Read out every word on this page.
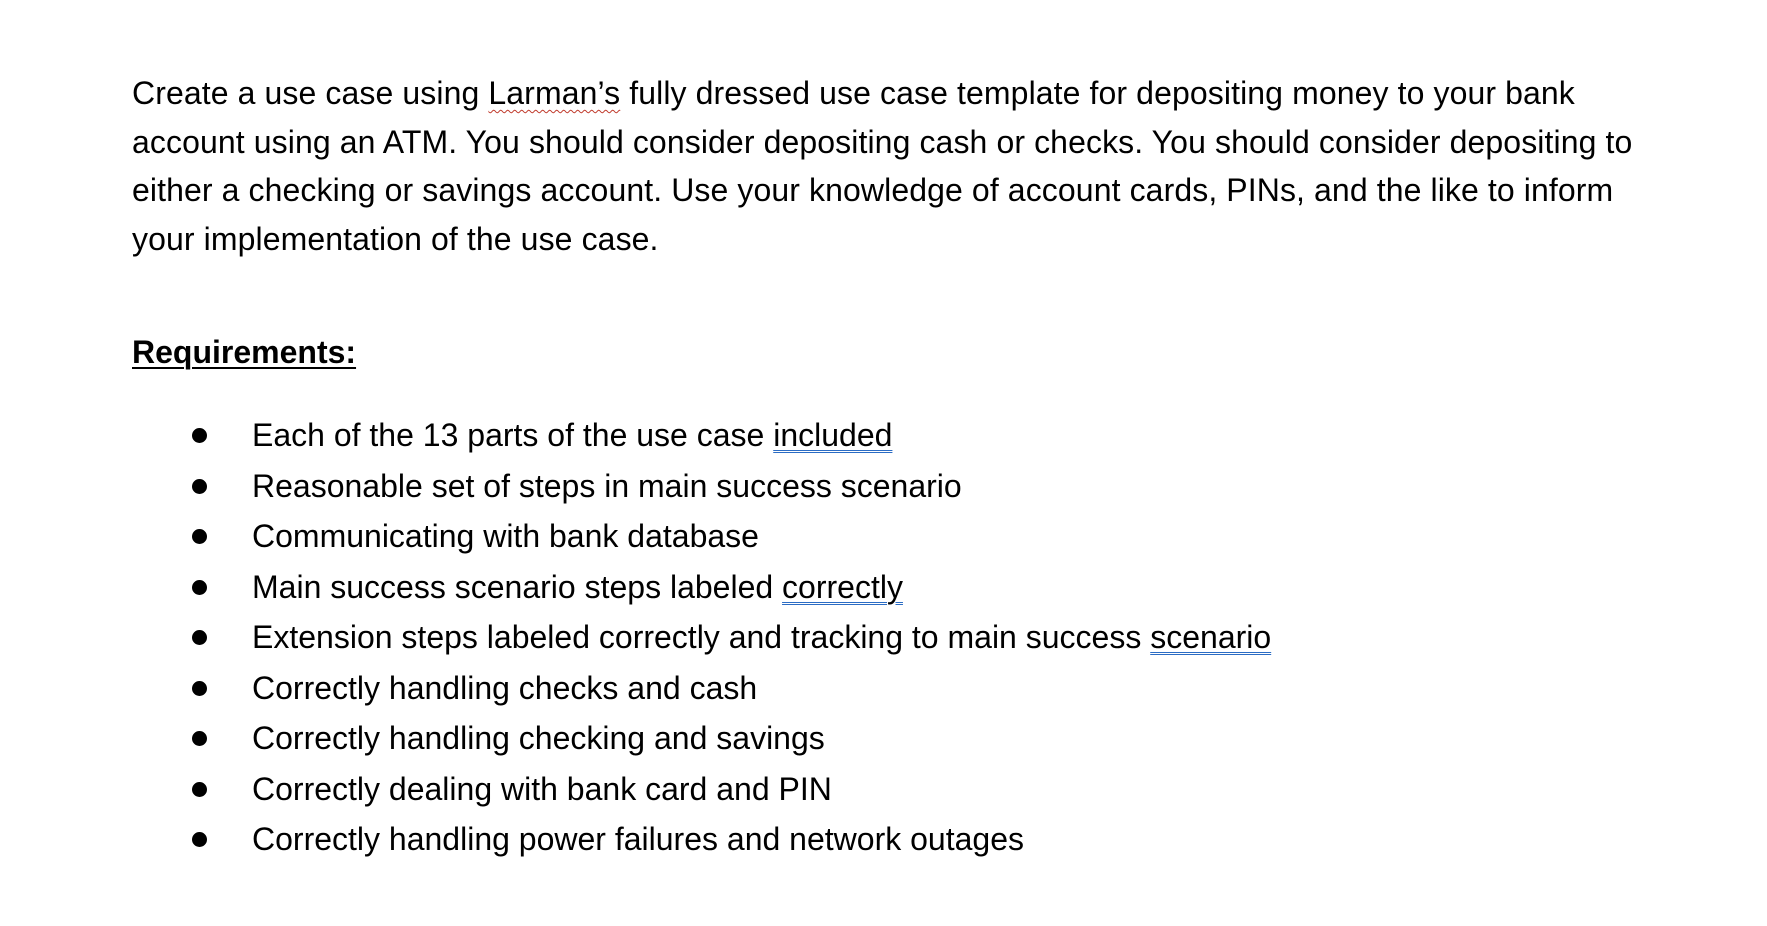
Create a use case using Larman’s fully dressed use case template for depositing money to your bank
account using an ATM. You should consider depositing cash or checks. You should consider depositing to
either a checking or savings account. Use your knowledge of account cards, PINs, and the like to inform
your implementation of the use case.

Requirements:
Each of the 13 parts of the use case included
Reasonable set of steps in main success scenario
Communicating with bank database
Main success scenario steps labeled correctly
Extension steps labeled correctly and tracking to main success scenario
Correctly handling checks and cash
Correctly handling checking and savings
Correctly dealing with bank card and PIN
Correctly handling power failures and network outages
